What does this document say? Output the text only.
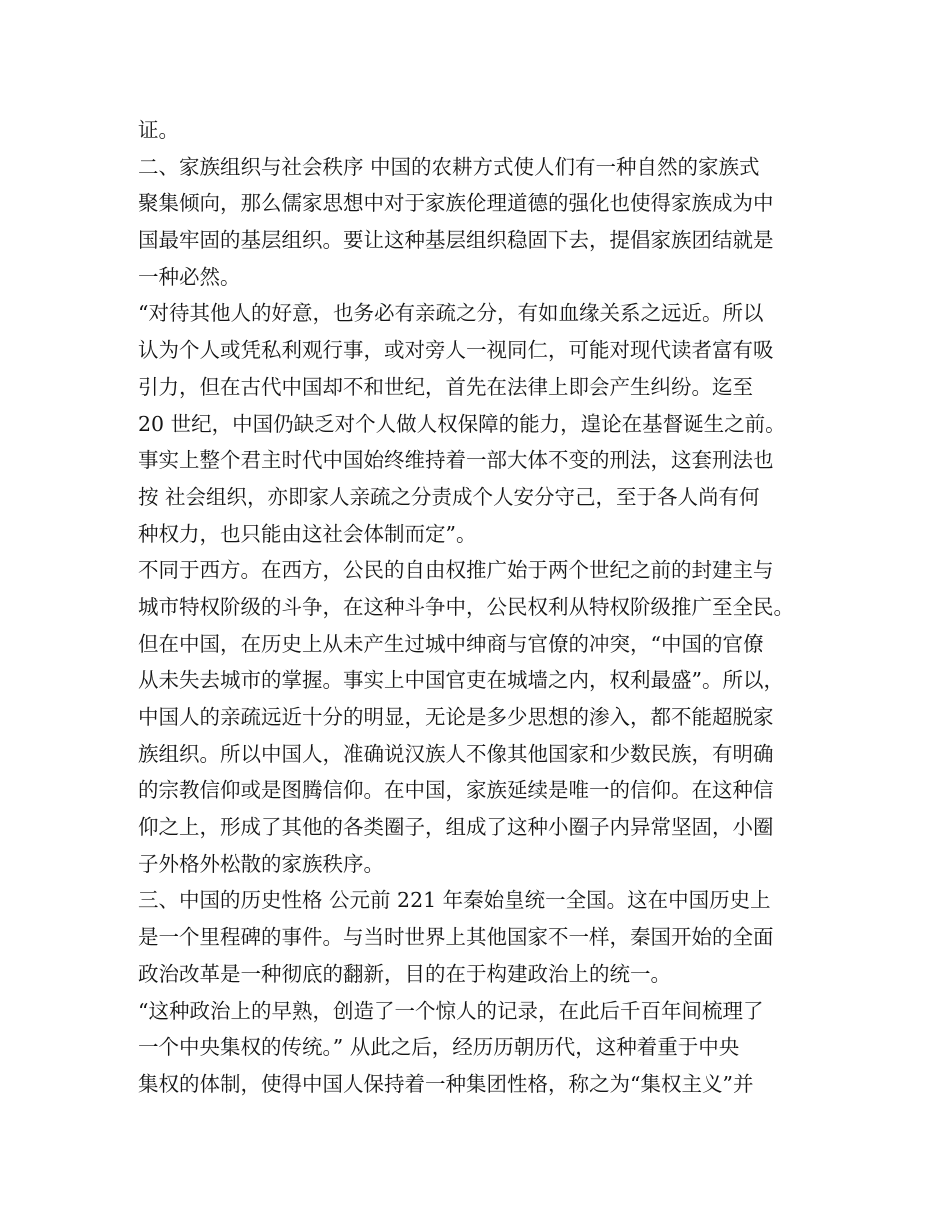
证。
二、家族组织与社会秩序 中国的农耕方式使人们有一种自然的家族式
聚集倾向，那么儒家思想中对于家族伦理道德的强化也使得家族成为中
国最牢固的基层组织。要让这种基层组织稳固下去，提倡家族团结就是
一种必然。
“对待其他人的好意，也务必有亲疏之分，有如血缘关系之远近。所以
认为个人或凭私利观行事，或对旁人一视同仁，可能对现代读者富有吸
引力，但在古代中国却不和世纪，首先在法律上即会产生纠纷。迄至
20 世纪，中国仍缺乏对个人做人权保障的能力，遑论在基督诞生之前。
事实上整个君主时代中国始终维持着一部大体不变的刑法，这套刑法也
按 社会组织，亦即家人亲疏之分责成个人安分守己，至于各人尚有何
种权力，也只能由这社会体制而定”。
不同于西方。在西方，公民的自由权推广始于两个世纪之前的封建主与
城市特权阶级的斗争，在这种斗争中，公民权利从特权阶级推广至全民。
但在中国，在历史上从未产生过城中绅商与官僚的冲突，“中国的官僚
从未失去城市的掌握。事实上中国官吏在城墙之内，权利最盛”。所以，
中国人的亲疏远近十分的明显，无论是多少思想的渗入，都不能超脱家
族组织。所以中国人，准确说汉族人不像其他国家和少数民族，有明确
的宗教信仰或是图腾信仰。在中国，家族延续是唯一的信仰。在这种信
仰之上，形成了其他的各类圈子，组成了这种小圈子内异常坚固，小圈
子外格外松散的家族秩序。
三、中国的历史性格 公元前 221 年秦始皇统一全国。这在中国历史上
是一个里程碑的事件。与当时世界上其他国家不一样，秦国开始的全面
政治改革是一种彻底的翻新，目的在于构建政治上的统一。
“这种政治上的早熟，创造了一个惊人的记录，在此后千百年间梳理了
一个中央集权的传统。” 从此之后，经历历朝历代，这种着重于中央
集权的体制，使得中国人保持着一种集团性格，称之为“集权主义”并
